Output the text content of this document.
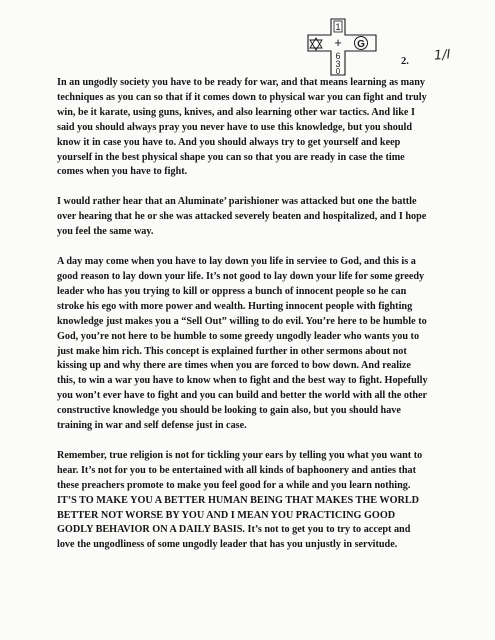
1
+ G
6
3
0
2. 1/I

In an ungodly society you have to be ready for war, and that means learning as many techniques as you can so that if it comes down to physical war you can fight and truly win, be it karate, using guns, knives, and also learning other war tactics. And like I said you should always pray you never have to use this knowledge, but you should know it in case you have to. And you should always try to get yourself and keep yourself in the best physical shape you can so that you are ready in case the time comes when you have to fight.

I would rather hear that an Aluminate’ parishioner was attacked but one the battle over hearing that he or she was attacked severely beaten and hospitalized, and I hope you feel the same way.

A day may come when you have to lay down you life in serviee to God, and this is a good reason to lay down your life. It’s not good to lay down your life for some greedy leader who has you trying to kill or oppress a bunch of innocent people so he can stroke his ego with more power and wealth. Hurting innocent people with fighting knowledge just makes you a “Sell Out” willing to do evil. You’re here to be humble to God, you’re not here to be humble to some greedy ungodly leader who wants you to just make him rich. This concept is explained further in other sermons about not kissing up and why there are times when you are forced to bow down. And realize this, to win a war you have to know when to fight and the best way to fight. Hopefully you won’t ever have to fight and you can build and better the world with all the other constructive knowledge you should be looking to gain also, but you should have training in war and self defense just in case.

Remember, true religion is not for tickling your ears by telling you what you want to hear. It’s not for you to be entertained with all kinds of baphoonery and anties that these preachers promote to make you feel good for a while and you learn nothing. IT’S TO MAKE YOU A BETTER HUMAN BEING THAT MAKES THE WORLD BETTER NOT WORSE BY YOU AND I MEAN YOU PRACTICING GOOD GODLY BEHAVIOR ON A DAILY BASIS. It’s not to get you to try to accept and love the ungodliness of some ungodly leader that has you unjustly in servitude.
